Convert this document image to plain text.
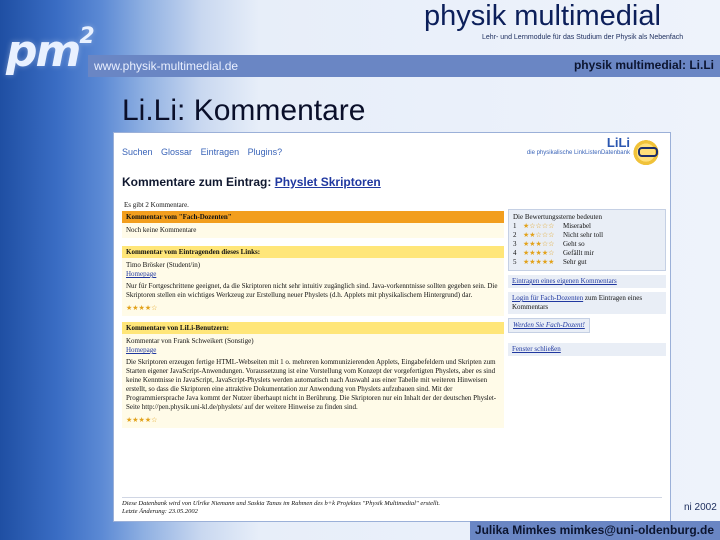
$pm^2$
physik multimedial
Lehr- und Lernmodule für das Studium der Physik als Nebenfach
www.physik-multimedial.de	physik multimedial: Li.Li
Li.Li: Kommentare
Suchen Glossar Eintragen Plugins?
LiLi
die physikalische LinkListenDatenbank
Kommentare zum Eintrag: Physlet Skriptoren
Es gibt 2 Kommentare.
Kommentar vom "Fach-Dozenten"
Noch keine Kommentare
Kommentar vom Eintragenden dieses Links:
Timo Brösker (Student/in)
Homepage
Nur für Fortgeschrittene geeignet, da die Skriptoren nicht sehr intuitiv zugänglich sind. Java-vorkenntnisse sollten gegeben sein. Die Skriptoren stellen ein wichtiges Werkzeug zur Erstellung neuer Physlets (d.h. Applets mit physikalischem Hintergrund) dar.
★★★★☆
Kommentare von LiLi-Benutzern:
Kommentar von Frank Schweikert (Sonstige)
Homepage
Die Skriptoren erzeugen fertige HTML-Webseiten mit 1 o. mehreren kommunizierenden Applets, Eingabefeldern und Skripten zum Starten eigener JavaScript-Anwendungen. Voraussetzung ist eine Vorstellung vom Konzept der vorgefertigten Physlets, aber es sind keine Kenntnisse in JavaScript, JavaScript-Physlets werden automatisch nach Auswahl aus einer Tabelle mit weiteren Hinweisen erstellt, so dass die Skriptoren eine attraktive Dokumentation zur Anwendung von Physlets aufzubauen sind. Mit der Programmiersprache Java kommt der Nutzer überhaupt nicht in Berührung. Die Skriptoren nur ein Inhalt der der deutschen Physlet-Seite http://pen.physik.uni-kl.de/physlets/ auf der weitere Hinweise zu finden sind.
★★★★☆
Die Bewertungssterne bedeuten
1 ★☆☆☆☆	Miserabel
2 ★★☆☆☆	Nicht sehr toll
3 ★★★☆☆	Geht so
4 ★★★★☆	Gefällt mir
5 ★★★★★	Sehr gut
Eintragen eines eigenen Kommentars
Login für Fach-Dozenten zum Eintragen eines Kommentars
Werden Sie Fach-Dozent!
Fenster schließen
Diese Datenbank wird von Ulrike Niemann und Saskia Tanas im Rahmen des b+k Projektes "Physik Multimedial" erstellt.
Letzte Änderung: 23.05.2002	ni 2002
Julika Mimkes mimkes@uni-oldenburg.de
